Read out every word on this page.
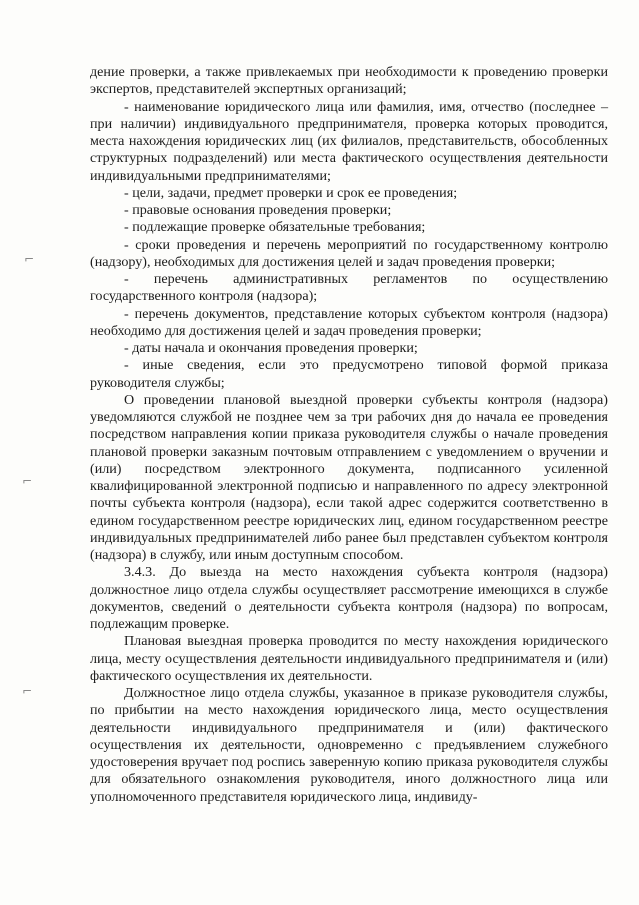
⌐
⌐
⌐

дение проверки, а также привлекаемых при необходимости к проведению проверки экспертов, представителей экспертных организаций;

- наименование юридического лица или фамилия, имя, отчество (последнее – при наличии) индивидуального предпринимателя, проверка которых проводится, места нахождения юридических лиц (их филиалов, представительств, обособленных структурных подразделений) или места фактического осуществления деятельности индивидуальными предпринимателями;

- цели, задачи, предмет проверки и срок ее проведения;

- правовые основания проведения проверки;

- подлежащие проверке обязательные требования;

- сроки проведения и перечень мероприятий по государственному контролю (надзору), необходимых для достижения целей и задач проведения проверки;

- перечень административных регламентов по осуществлению государственного контроля (надзора);

- перечень документов, представление которых субъектом контроля (надзора) необходимо для достижения целей и задач проведения проверки;

- даты начала и окончания проведения проверки;

- иные сведения, если это предусмотрено типовой формой приказа руководителя службы;

О проведении плановой выездной проверки субъекты контроля (надзора) уведомляются службой не позднее чем за три рабочих дня до начала ее проведения посредством направления копии приказа руководителя службы о начале проведения плановой проверки заказным почтовым отправлением с уведомлением о вручении и (или) посредством электронного документа, подписанного усиленной квалифицированной электронной подписью и направленного по адресу электронной почты субъекта контроля (надзора), если такой адрес содержится соответственно в едином государственном реестре юридических лиц, едином государственном реестре индивидуальных предпринимателей либо ранее был представлен субъектом контроля (надзора) в службу, или иным доступным способом.

3.4.3. До выезда на место нахождения субъекта контроля (надзора) должностное лицо отдела службы осуществляет рассмотрение имеющихся в службе документов, сведений о деятельности субъекта контроля (надзора) по вопросам, подлежащим проверке.

Плановая выездная проверка проводится по месту нахождения юридического лица, месту осуществления деятельности индивидуального предпринимателя и (или) фактического осуществления их деятельности.

Должностное лицо отдела службы, указанное в приказе руководителя службы, по прибытии на место нахождения юридического лица, место осуществления деятельности индивидуального предпринимателя и (или) фактического осуществления их деятельности, одновременно с предъявлением служебного удостоверения вручает под роспись заверенную копию приказа руководителя службы для обязательного ознакомления руководителя, иного должностного лица или уполномоченного представителя юридического лица, индивиду-
